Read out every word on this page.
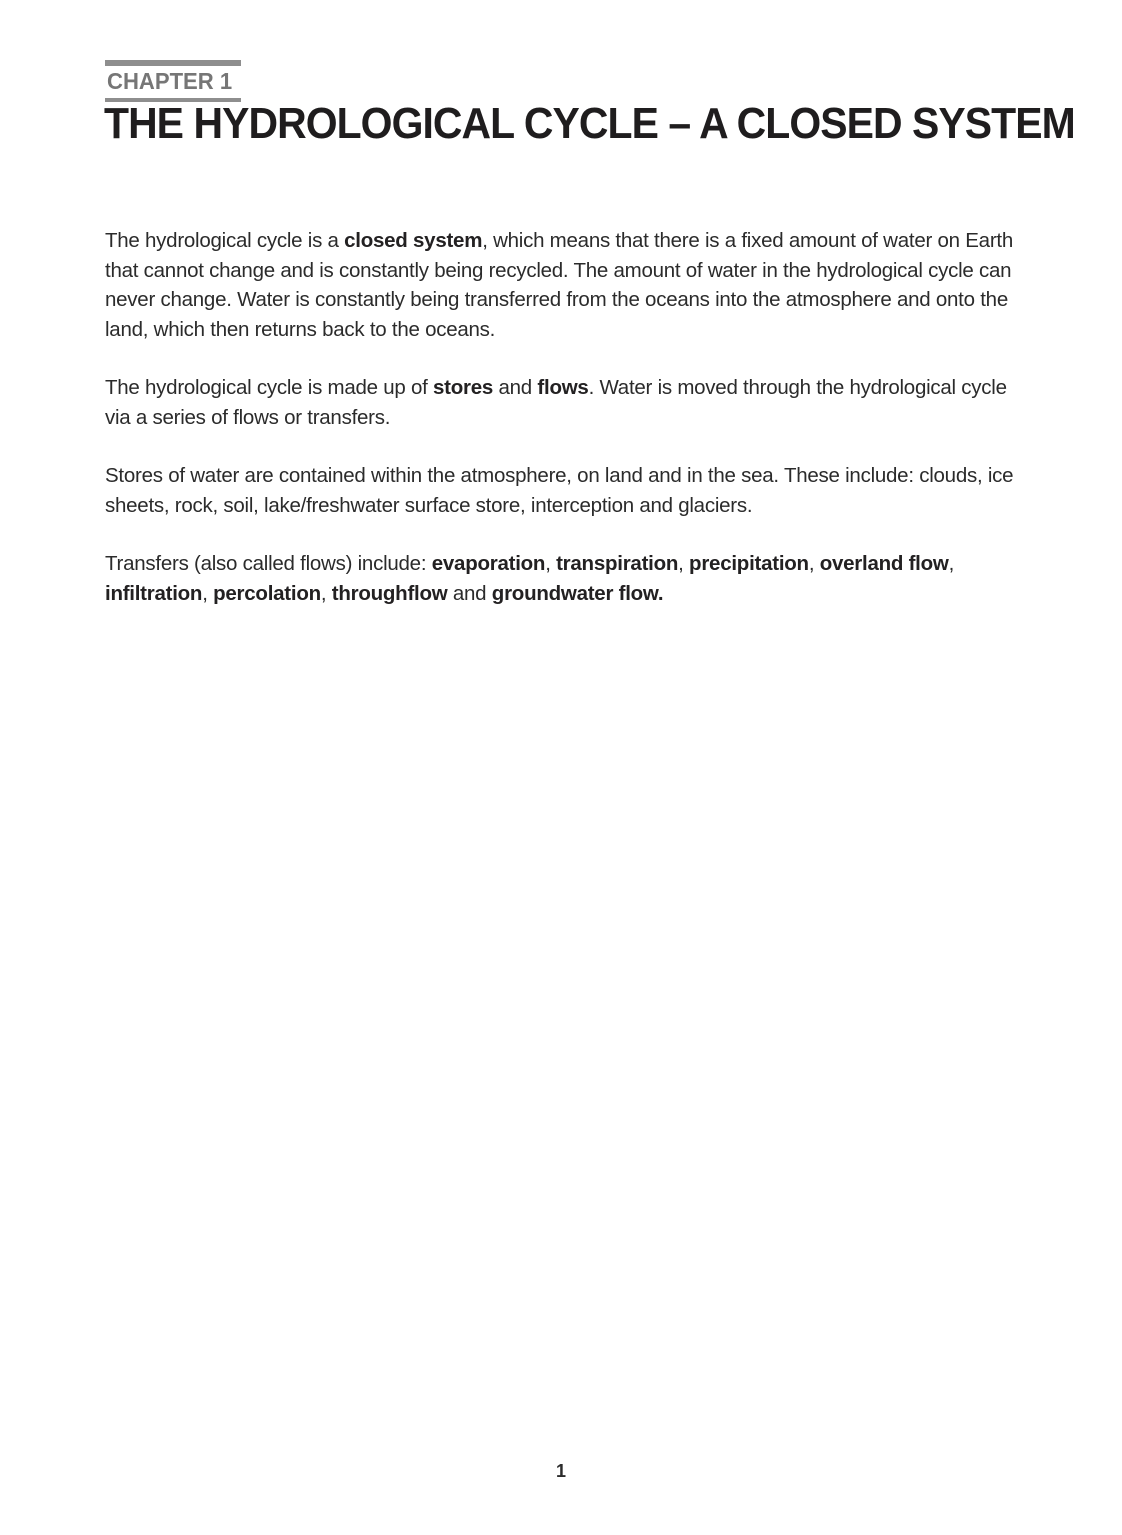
CHAPTER 1
THE HYDROLOGICAL CYCLE – A CLOSED SYSTEM

The hydrological cycle is a closed system, which means that there is a fixed amount of water on Earth that cannot change and is constantly being recycled. The amount of water in the hydrological cycle can never change. Water is constantly being transferred from the oceans into the atmosphere and onto the land, which then returns back to the oceans.

The hydrological cycle is made up of stores and flows. Water is moved through the hydrological cycle via a series of flows or transfers.

Stores of water are contained within the atmosphere, on land and in the sea. These include: clouds, ice sheets, rock, soil, lake/freshwater surface store, interception and glaciers.

Transfers (also called flows) include: evaporation, transpiration, precipitation, overland flow, infiltration, percolation, throughflow and groundwater flow.

1
